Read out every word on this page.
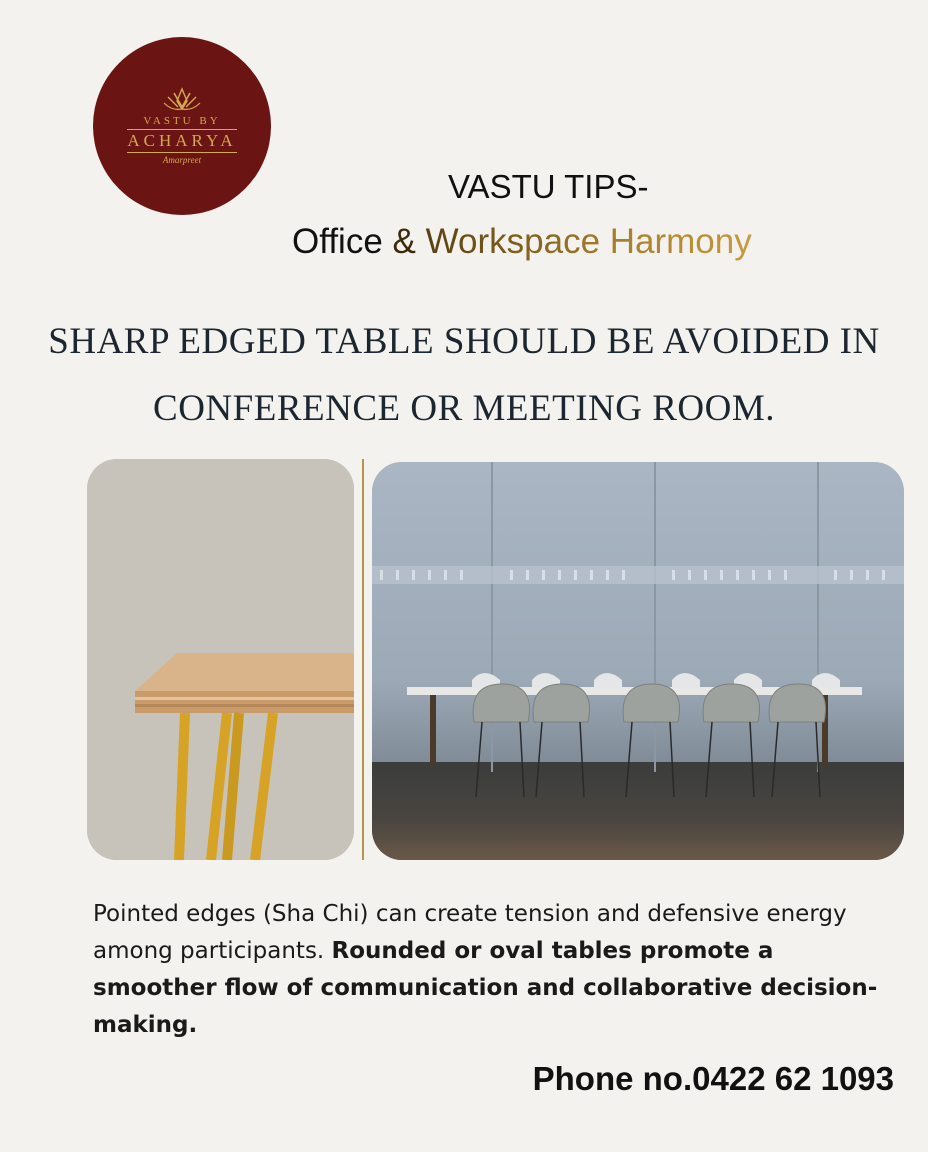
VASTU BY
ACHARYA
Amarpreet
VASTU TIPS-
Office & Workspace Harmony
SHARP EDGED TABLE SHOULD BE AVOIDED IN
CONFERENCE OR MEETING ROOM.
Pointed edges (Sha Chi) can create tension and defensive energy among participants. Rounded or oval tables promote a smoother flow of communication and collaborative decision-making.
Phone no.0422 62 1093
